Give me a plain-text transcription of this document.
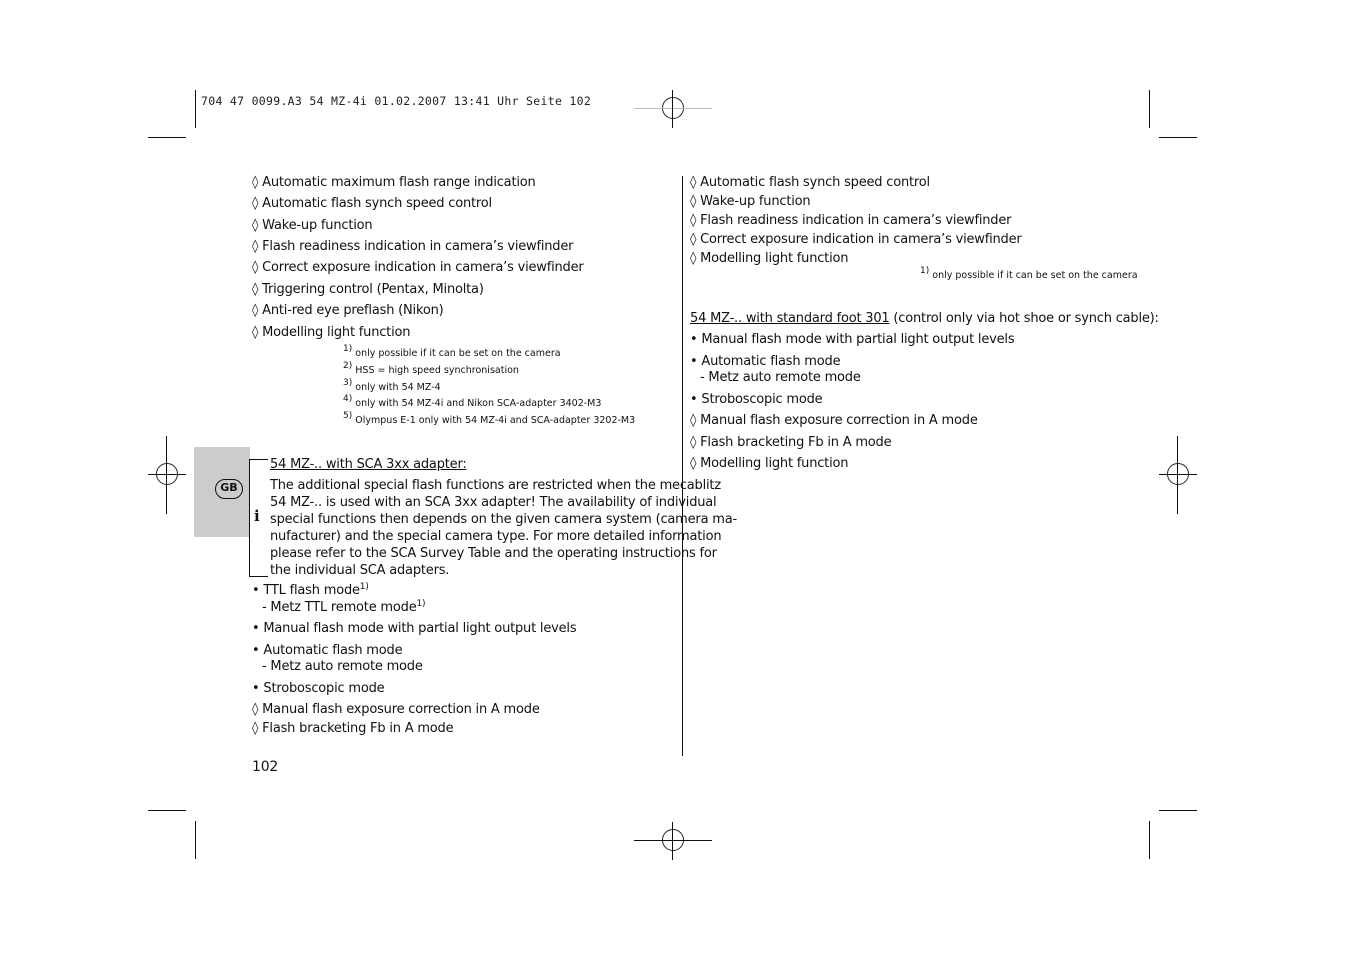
704 47 0099.A3 54 MZ-4i 01.02.2007 13:41 Uhr Seite 102
GB
i
◊ Automatic maximum flash range indication
◊ Automatic flash synch speed control
◊ Wake-up function
◊ Flash readiness indication in camera’s viewfinder
◊ Correct exposure indication in camera’s viewfinder
◊ Triggering control (Pentax, Minolta)
◊ Anti-red eye preflash (Nikon)
◊ Modelling light function
$^{1)}$ only possible if it can be set on the camera
$^{2)}$ HSS = high speed synchronisation
$^{3)}$ only with 54 MZ-4
$^{4)}$ only with 54 MZ-4i and Nikon SCA-adapter 3402-M3
$^{5)}$ Olympus E-1 only with 54 MZ-4i and SCA-adapter 3202-M3
54 MZ-.. with SCA 3xx adapter:
The additional special flash functions are restricted when the mecablitz
54 MZ-.. is used with an SCA 3xx adapter! The availability of individual
special functions then depends on the given camera system (camera ma-
nufacturer) and the special camera type. For more detailed information
please refer to the SCA Survey Table and the operating instructions for
the individual SCA adapters.
• TTL flash mode$^{1)}$
- Metz TTL remote mode$^{1)}$
• Manual flash mode with partial light output levels
• Automatic flash mode
- Metz auto remote mode
• Stroboscopic mode
◊ Manual flash exposure correction in A mode
◊ Flash bracketing Fb in A mode
102
◊ Automatic flash synch speed control
◊ Wake-up function
◊ Flash readiness indication in camera’s viewfinder
◊ Correct exposure indication in camera’s viewfinder
◊ Modelling light function
$^{1)}$ only possible if it can be set on the camera
54 MZ-.. with standard foot 301 (control only via hot shoe or synch cable):
• Manual flash mode with partial light output levels
• Automatic flash mode
- Metz auto remote mode
• Stroboscopic mode
◊ Manual flash exposure correction in A mode
◊ Flash bracketing Fb in A mode
◊ Modelling light function
